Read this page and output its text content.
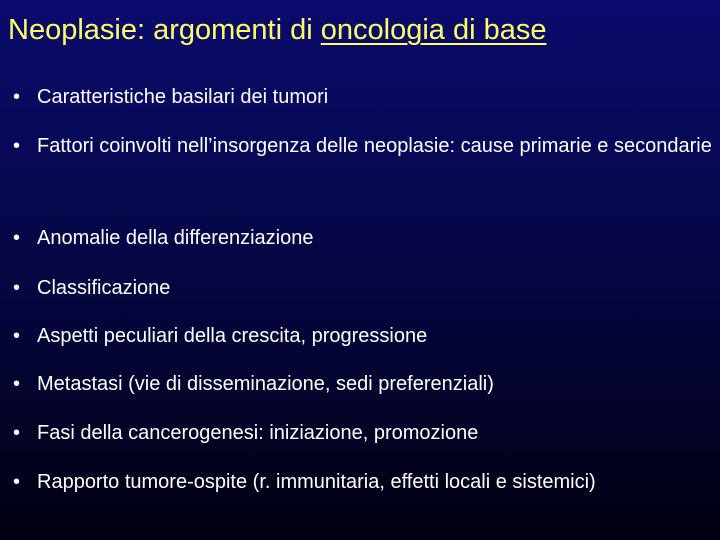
Neoplasie: argomenti di oncologia di base
• Caratteristiche basilari dei tumori
• Fattori coinvolti nell’insorgenza delle neoplasie: cause primarie e secondarie
• Anomalie della differenziazione
• Classificazione
• Aspetti peculiari della crescita, progressione
• Metastasi (vie di disseminazione, sedi preferenziali)
• Fasi della cancerogenesi: iniziazione, promozione
• Rapporto tumore-ospite (r. immunitaria, effetti locali e sistemici)
